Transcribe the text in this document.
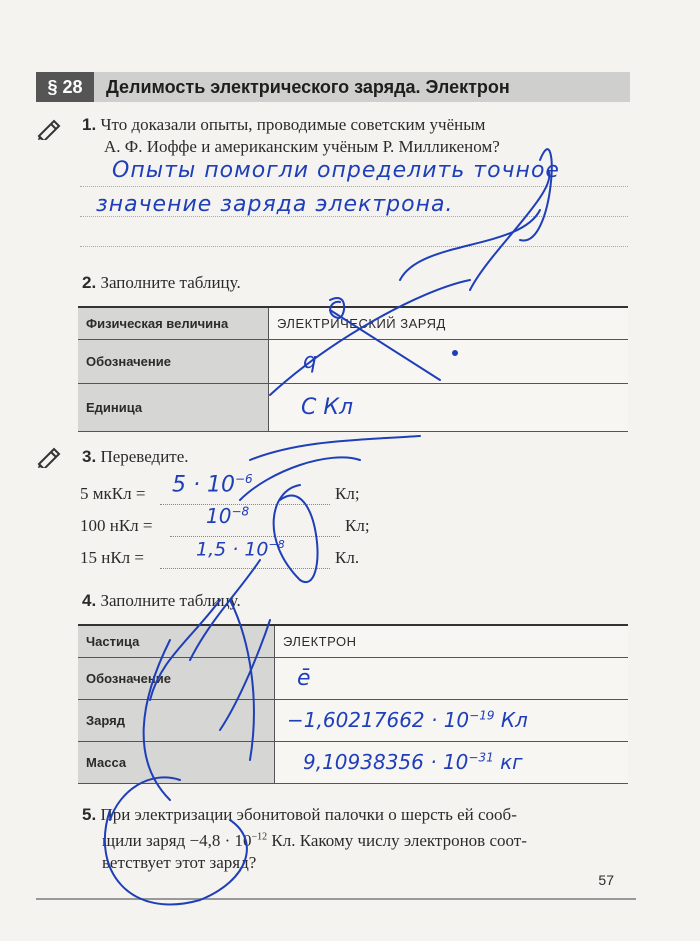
§ 28	Делимость электрического заряда. Электрон
1. Что доказали опыты, проводимые советским учёным
А. Ф. Иоффе и американским учёным Р. Милликеном?
Опыты помогли определить точное
значение заряда электрона.
2. Заполните таблицу.
Физическая величина	ЭЛЕКТРИЧЕСКИЙ ЗАРЯД
Обозначение	q
Единица	С Кл
3. Переведите.
5 мкКл = $5 \cdot 10^{-6}$
Кл;
100 нКл =	$10^{-8}$
Кл;
15 нКл =	$1,5 \cdot 10^{-8}$
Кл.
4. Заполните таблицу.
Частица	ЭЛЕКТРОН
Обозначение	ē
Заряд	$-1,60217662 \cdot 10^{-19}$ Кл
Масса	$9,10938356 \cdot 10^{-31}$ кг
5. При электризации эбонитовой палочки о шерсть ей сооб-
щили заряд $-4,8 \cdot 10^{-12}$ Кл. Какому числу электронов соот-
ветствует этот заряд?
57
